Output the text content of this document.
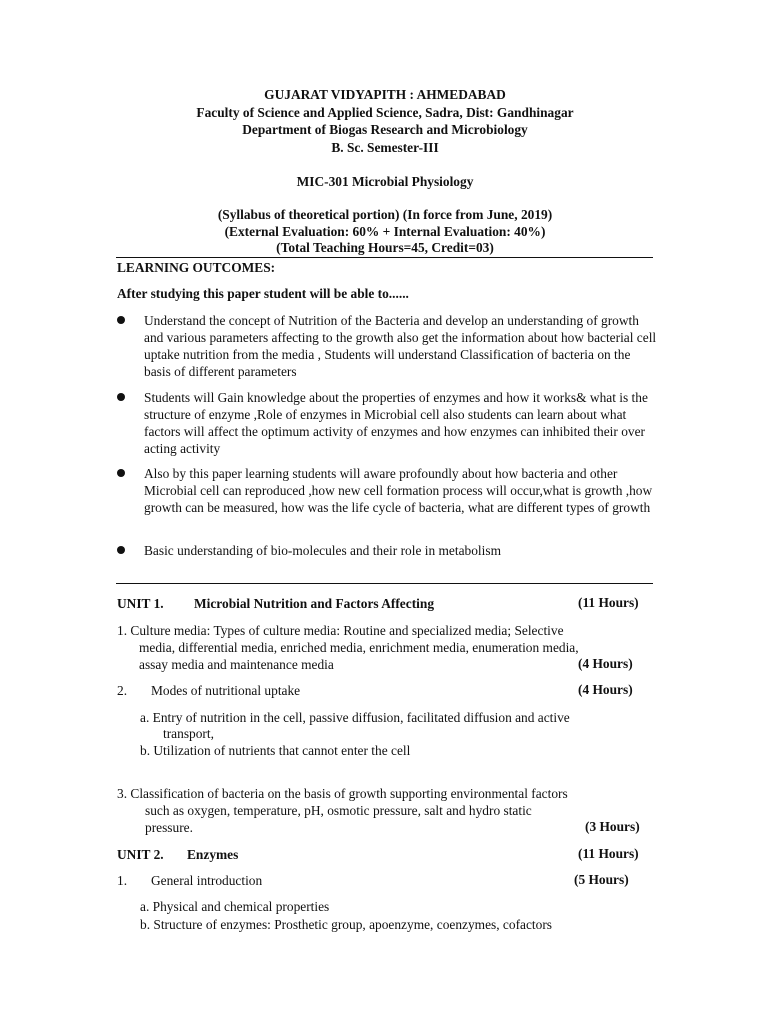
GUJARAT VIDYAPITH : AHMEDABAD
Faculty of Science and Applied Science, Sadra, Dist: Gandhinagar
Department of Biogas Research and Microbiology
B. Sc. Semester-III
MIC-301 Microbial Physiology
(Syllabus of theoretical portion) (In force from June, 2019)
(External Evaluation: 60% + Internal Evaluation: 40%)
(Total Teaching Hours=45, Credit=03)
LEARNING OUTCOMES:
After studying this paper student will be able to......
Understand the concept of Nutrition of the Bacteria and develop an understanding of growth and various parameters affecting to the growth also get the information about how bacterial cell uptake nutrition from the media , Students will understand Classification of bacteria on the basis of different parameters
Students will Gain knowledge about the properties of enzymes and how it works& what is the structure of enzyme ,Role of enzymes in Microbial cell also students can learn about what factors will affect the optimum activity of enzymes and how enzymes can inhibited their over acting activity
Also by this paper learning students will aware profoundly about how bacteria and other Microbial cell can reproduced ,how new cell formation process will occur,what is growth ,how growth can be measured, how was the life cycle of bacteria, what are different types of growth
Basic understanding of bio-molecules and their role in metabolism
UNIT 1. Microbial Nutrition and Factors Affecting	(11 Hours)
1. Culture media: Types of culture media: Routine and specialized media; Selective
media, differential media, enriched media, enrichment media, enumeration media,
assay media and maintenance media	(4 Hours)
2. Modes of nutritional uptake	(4 Hours)
a. Entry of nutrition in the cell, passive diffusion, facilitated diffusion and active
transport,
b. Utilization of nutrients that cannot enter the cell
3. Classification of bacteria on the basis of growth supporting environmental factors
such as oxygen, temperature, pH, osmotic pressure, salt and hydro static
pressure.	(3 Hours)
UNIT 2. Enzymes	(11 Hours)
1. General introduction	(5 Hours)
a. Physical and chemical properties
b. Structure of enzymes: Prosthetic group, apoenzyme, coenzymes, cofactors
